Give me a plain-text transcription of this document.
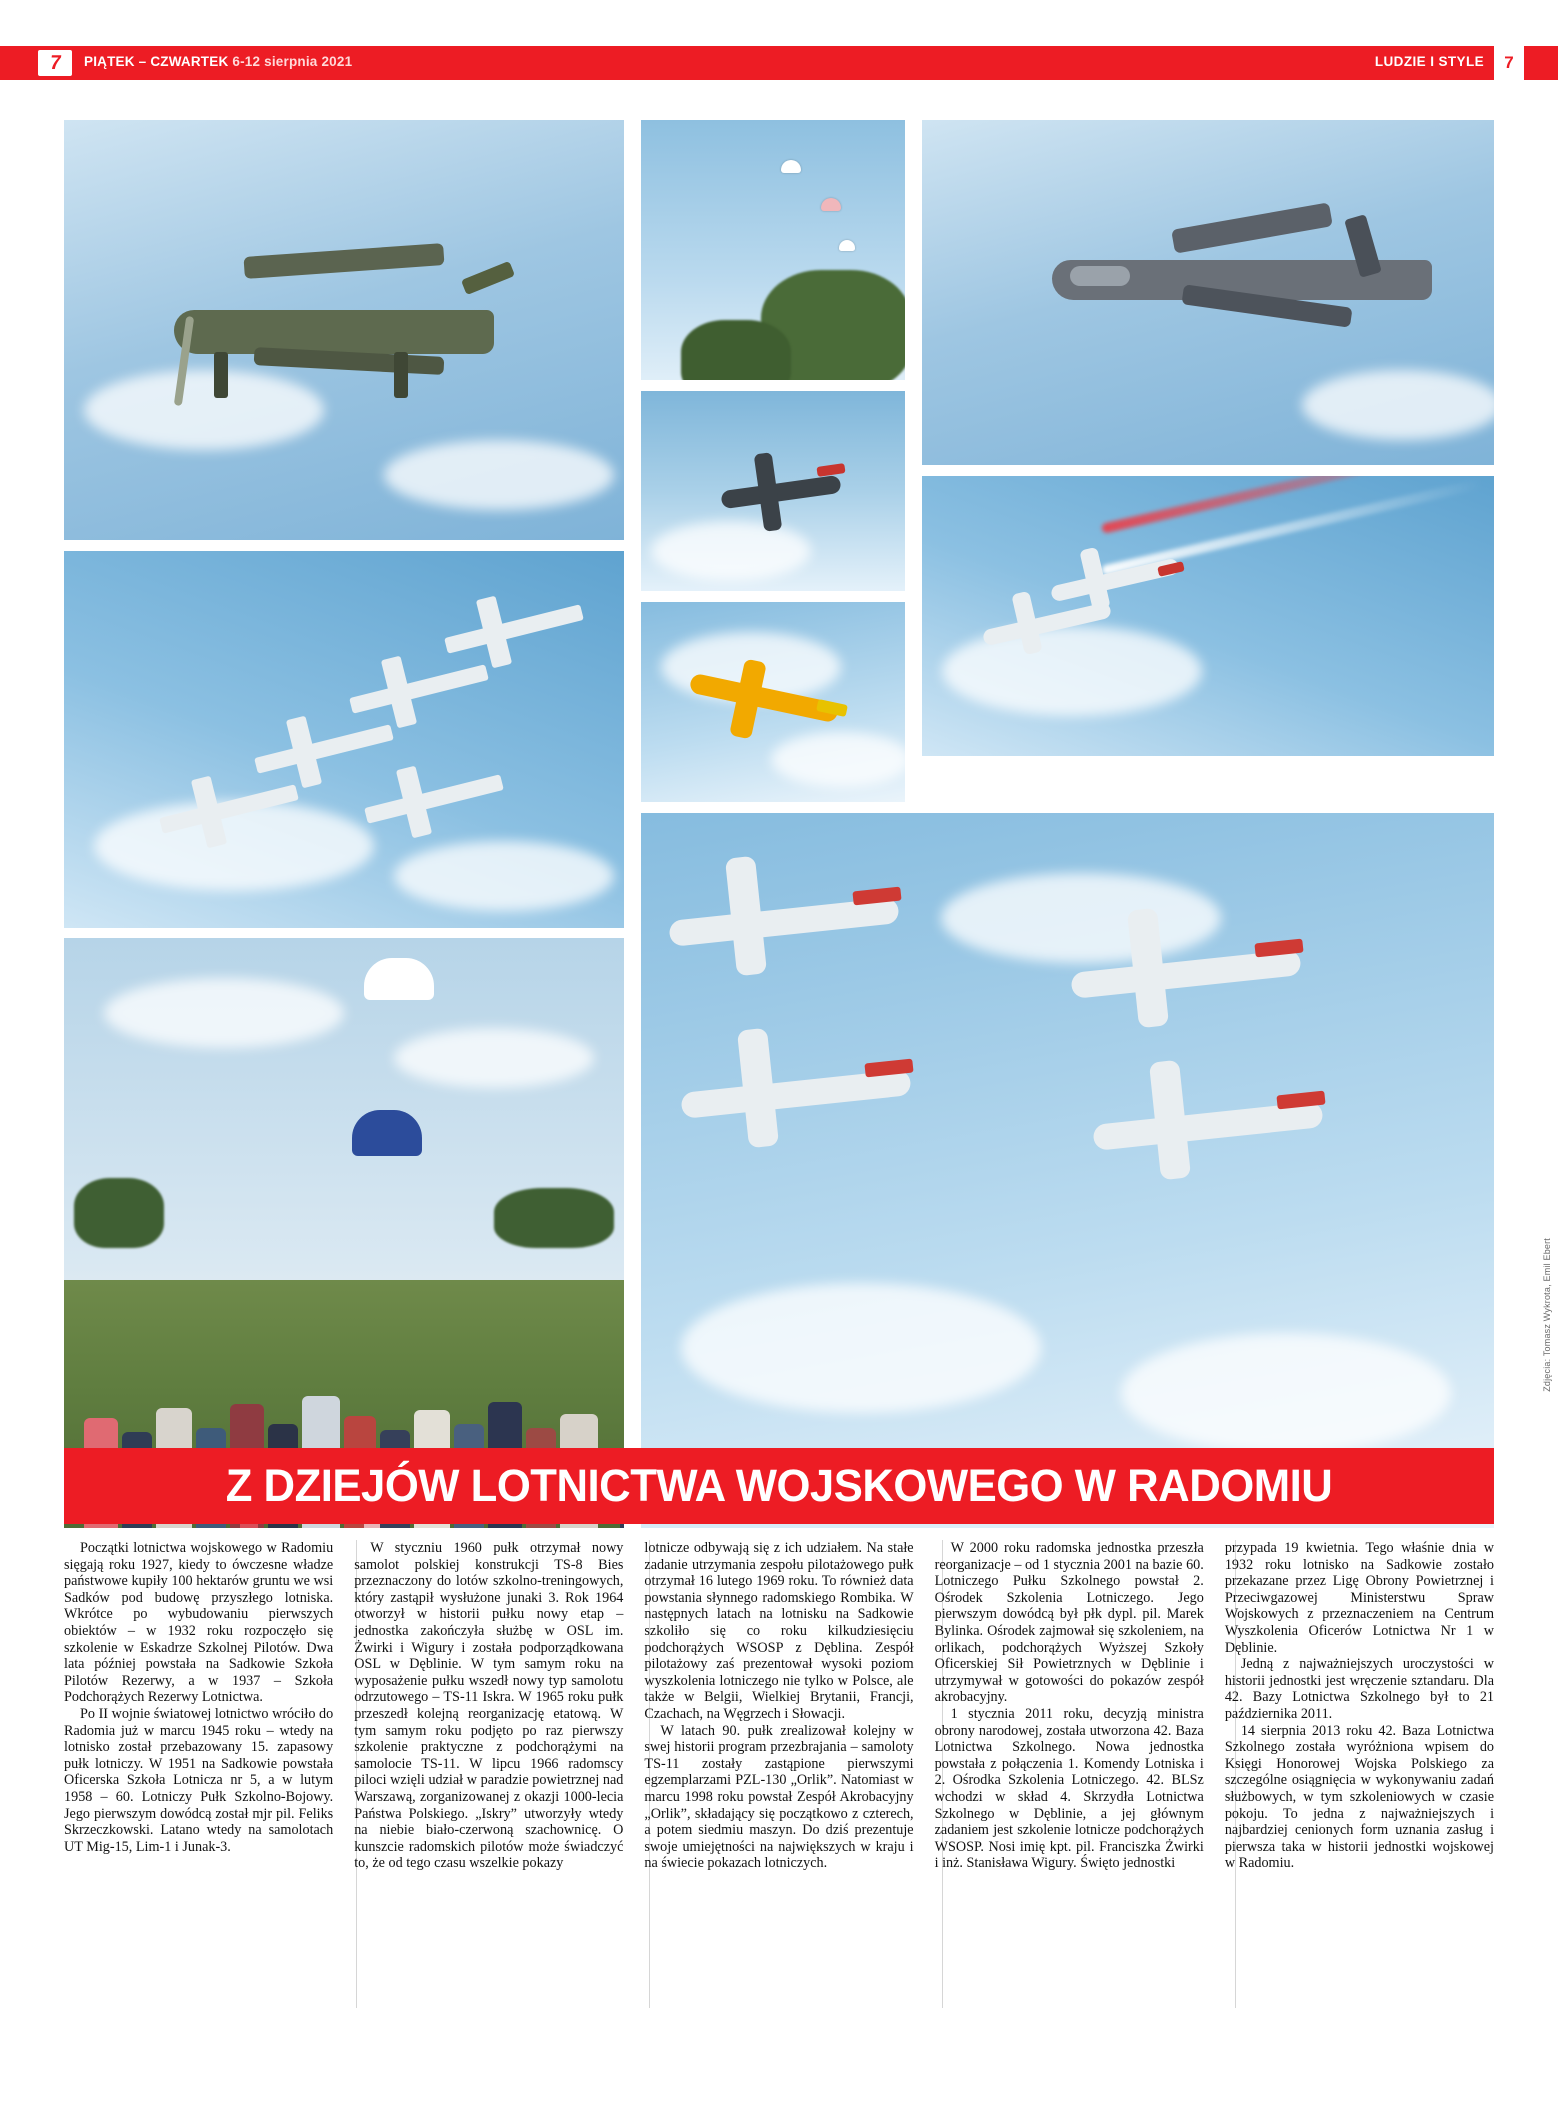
7	PIĄTEK – CZWARTEK 6-12 sierpnia 2021	LUDZIE I STYLE	7
Zdjęcia: Tomasz Wykrota, Emil Ebert
Z DZIEJÓW LOTNICTWA WOJSKOWEGO W RADOMIU

Początki lotnictwa wojskowego w Radomiu sięgają roku 1927, kiedy to ówczesne władze państwowe kupiły 100 hektarów gruntu we wsi Sadków pod budowę przyszłego lotniska. Wkrótce po wybudowaniu pierwszych obiektów – w 1932 roku rozpoczęło się szkolenie w Eskadrze Szkolnej Pilotów. Dwa lata później powstała na Sadkowie Szkoła Pilotów Rezerwy, a w 1937 – Szkoła Podchorążych Rezerwy Lotnictwa.

Po II wojnie światowej lotnictwo wróciło do Radomia już w marcu 1945 roku – wtedy na lotnisko został przebazowany 15. zapasowy pułk lotniczy. W 1951 na Sadkowie powstała Oficerska Szkoła Lotnicza nr 5, a w lutym 1958 – 60. Lotniczy Pułk Szkolno-Bojowy. Jego pierwszym dowódcą został mjr pil. Feliks Skrzeczkowski. Latano wtedy na samolotach UT Mig-15, Lim-1 i Junak-3.

W styczniu 1960 pułk otrzymał nowy samolot polskiej konstrukcji TS-8 Bies przeznaczony do lotów szkolno-treningowych, który zastąpił wysłużone junaki 3. Rok 1964 otworzył w historii pułku nowy etap – jednostka zakończyła służbę w OSL im. Żwirki i Wigury i została podporządkowana OSL w Dęblinie. W tym samym roku na wyposażenie pułku wszedł nowy typ samolotu odrzutowego – TS-11 Iskra. W 1965 roku pułk przeszedł kolejną reorganizację etatową. W tym samym roku podjęto po raz pierwszy szkolenie praktyczne z podchorążymi na samolocie TS-11. W lipcu 1966 radomscy piloci wzięli udział w paradzie powietrznej nad Warszawą, zorganizowanej z okazji 1000-lecia Państwa Polskiego. „Iskry” utworzyły wtedy na niebie biało-czerwoną szachownicę. O kunszcie radomskich pilotów może świadczyć to, że od tego czasu wszelkie pokazy

lotnicze odbywają się z ich udziałem. Na stałe zadanie utrzymania zespołu pilotażowego pułk otrzymał 16 lutego 1969 roku. To również data powstania słynnego radomskiego Rombika. W następnych latach na lotnisku na Sadkowie szkoliło się co roku kilkudziesięciu podchorążych WSOSP z Dęblina. Zespół pilotażowy zaś prezentował wysoki poziom wyszkolenia lotniczego nie tylko w Polsce, ale także w Belgii, Wielkiej Brytanii, Francji, Czachach, na Węgrzech i Słowacji.

W latach 90. pułk zrealizował kolejny w swej historii program przezbrajania – samoloty TS-11 zostały zastąpione pierwszymi egzemplarzami PZL-130 „Orlik”. Natomiast w marcu 1998 roku powstał Zespół Akrobacyjny „Orlik”, składający się początkowo z czterech, a potem siedmiu maszyn. Do dziś prezentuje swoje umiejętności na największych w kraju i na świecie pokazach lotniczych.

W 2000 roku radomska jednostka przeszła reorganizacje – od 1 stycznia 2001 na bazie 60. Lotniczego Pułku Szkolnego powstał 2. Ośrodek Szkolenia Lotniczego. Jego pierwszym dowódcą był płk dypl. pil. Marek Bylinka. Ośrodek zajmował się szkoleniem, na orlikach, podchorążych Wyższej Szkoły Oficerskiej Sił Powietrznych w Dęblinie i utrzymywał w gotowości do pokazów zespół akrobacyjny.

1 stycznia 2011 roku, decyzją ministra obrony narodowej, została utworzona 42. Baza Lotnictwa Szkolnego. Nowa jednostka powstała z połączenia 1. Komendy Lotniska i 2. Ośrodka Szkolenia Lotniczego. 42. BLSz wchodzi w skład 4. Skrzydła Lotnictwa Szkolnego w Dęblinie, a jej głównym zadaniem jest szkolenie lotnicze podchorążych WSOSP. Nosi imię kpt. pil. Franciszka Żwirki i inż. Stanisława Wigury. Święto jednostki

przypada 19 kwietnia. Tego właśnie dnia w 1932 roku lotnisko na Sadkowie zostało przekazane przez Ligę Obrony Powietrznej i Przeciwgazowej Ministerstwu Spraw Wojskowych z przeznaczeniem na Centrum Wyszkolenia Oficerów Lotnictwa Nr 1 w Dęblinie.

Jedną z najważniejszych uroczystości w historii jednostki jest wręczenie sztandaru. Dla 42. Bazy Lotnictwa Szkolnego był to 21 października 2011.

14 sierpnia 2013 roku 42. Baza Lotnictwa Szkolnego została wyróżniona wpisem do Księgi Honorowej Wojska Polskiego za szczególne osiągnięcia w wykonywaniu zadań służbowych, w tym szkoleniowych w czasie pokoju. To jedna z najważniejszych i najbardziej cenionych form uznania zasług i pierwsza taka w historii jednostki wojskowej w Radomiu.
